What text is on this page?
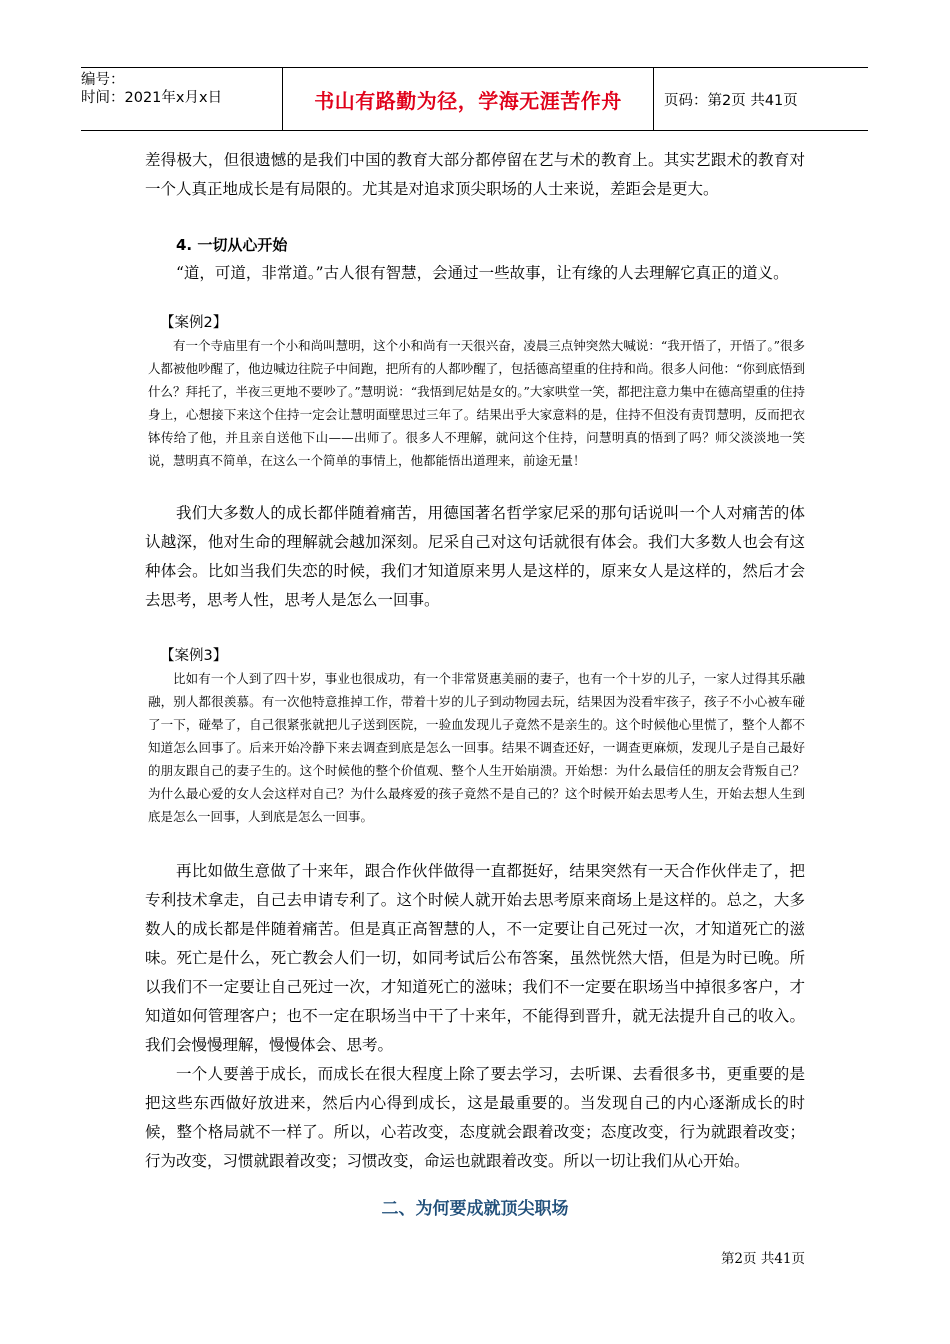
编号：
时间：2021年x月x日	书山有路勤为径，学海无涯苦作舟	页码：第2页 共41页

差得极大，但很遗憾的是我们中国的教育大部分都停留在艺与术的教育上。其实艺跟术的教育对一个人真正地成长是有局限的。尤其是对追求顶尖职场的人士来说，差距会是更大。

4. 一切从心开始

“道，可道，非常道。”古人很有智慧，会通过一些故事，让有缘的人去理解它真正的道义。

【案例2】

有一个寺庙里有一个小和尚叫慧明，这个小和尚有一天很兴奋，凌晨三点钟突然大喊说：“我开悟了，开悟了。”很多人都被他吵醒了，他边喊边往院子中间跑，把所有的人都吵醒了，包括德高望重的住持和尚。很多人问他：“你到底悟到什么？拜托了，半夜三更地不要吵了。”慧明说：“我悟到尼姑是女的。”大家哄堂一笑，都把注意力集中在德高望重的住持身上，心想接下来这个住持一定会让慧明面壁思过三年了。结果出乎大家意料的是，住持不但没有责罚慧明，反而把衣钵传给了他，并且亲自送他下山——出师了。很多人不理解，就问这个住持，问慧明真的悟到了吗？师父淡淡地一笑说，慧明真不简单，在这么一个简单的事情上，他都能悟出道理来，前途无量！

我们大多数人的成长都伴随着痛苦，用德国著名哲学家尼采的那句话说叫一个人对痛苦的体认越深，他对生命的理解就会越加深刻。尼采自己对这句话就很有体会。我们大多数人也会有这种体会。比如当我们失恋的时候，我们才知道原来男人是这样的，原来女人是这样的，然后才会去思考，思考人性，思考人是怎么一回事。

【案例3】

比如有一个人到了四十岁，事业也很成功，有一个非常贤惠美丽的妻子，也有一个十岁的儿子，一家人过得其乐融融，别人都很羡慕。有一次他特意推掉工作，带着十岁的儿子到动物园去玩，结果因为没看牢孩子，孩子不小心被车碰了一下，碰晕了，自己很紧张就把儿子送到医院，一验血发现儿子竟然不是亲生的。这个时候他心里慌了，整个人都不知道怎么回事了。后来开始冷静下来去调查到底是怎么一回事。结果不调查还好，一调查更麻烦，发现儿子是自己最好的朋友跟自己的妻子生的。这个时候他的整个价值观、整个人生开始崩溃。开始想：为什么最信任的朋友会背叛自己？为什么最心爱的女人会这样对自己？为什么最疼爱的孩子竟然不是自己的？这个时候开始去思考人生，开始去想人生到底是怎么一回事，人到底是怎么一回事。

再比如做生意做了十来年，跟合作伙伴做得一直都挺好，结果突然有一天合作伙伴走了，把专利技术拿走，自己去申请专利了。这个时候人就开始去思考原来商场上是这样的。总之，大多数人的成长都是伴随着痛苦。但是真正高智慧的人，不一定要让自己死过一次，才知道死亡的滋味。死亡是什么，死亡教会人们一切，如同考试后公布答案，虽然恍然大悟，但是为时已晚。所以我们不一定要让自己死过一次，才知道死亡的滋味；我们不一定要在职场当中掉很多客户，才知道如何管理客户；也不一定在职场当中干了十来年，不能得到晋升，就无法提升自己的收入。我们会慢慢理解，慢慢体会、思考。

一个人要善于成长，而成长在很大程度上除了要去学习，去听课、去看很多书，更重要的是把这些东西做好放进来，然后内心得到成长，这是最重要的。当发现自己的内心逐渐成长的时候，整个格局就不一样了。所以，心若改变，态度就会跟着改变；态度改变，行为就跟着改变；行为改变，习惯就跟着改变；习惯改变，命运也就跟着改变。所以一切让我们从心开始。

二、为何要成就顶尖职场

第2页 共41页
